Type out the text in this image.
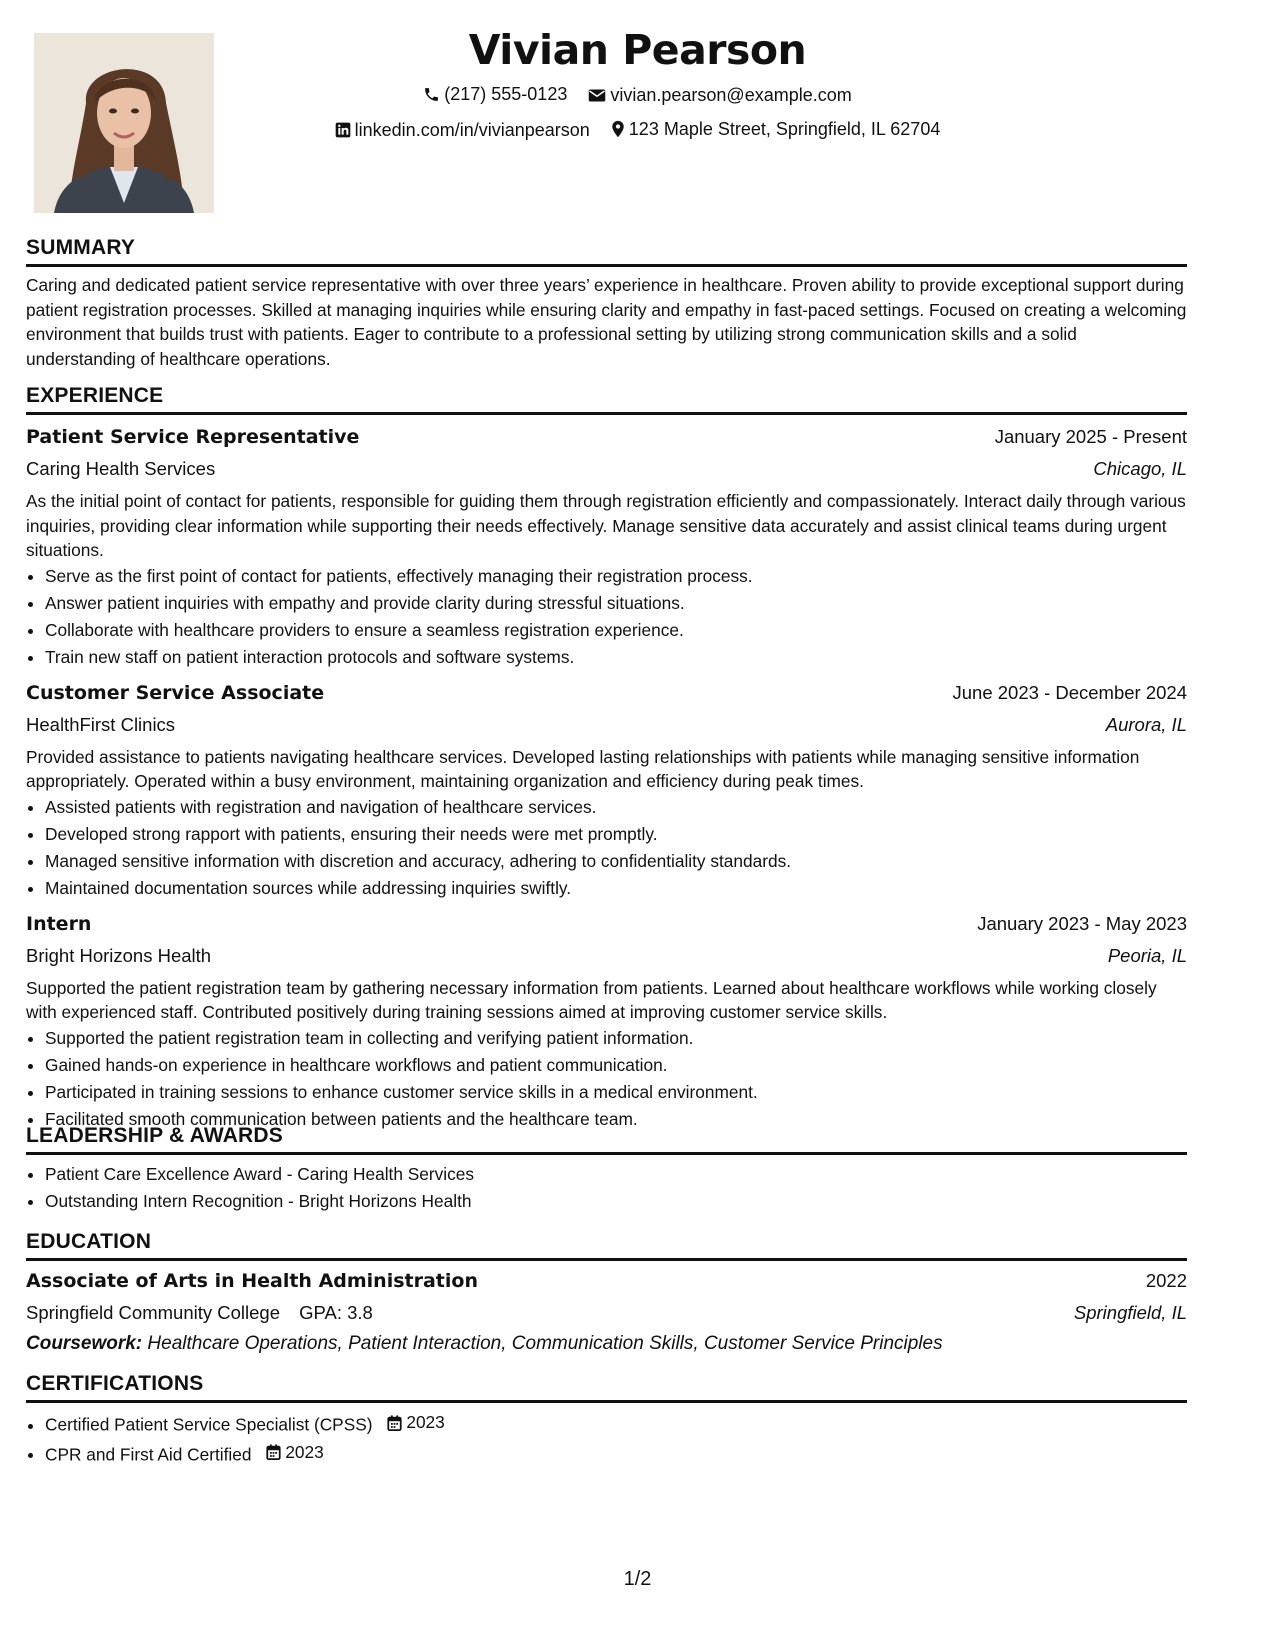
Vivian Pearson
(217) 555-0123
vivian.pearson@example.com
linkedin.com/in/vivianpearson
123 Maple Street, Springfield, IL 62704
SUMMARY

Caring and dedicated patient service representative with over three years’ experience in healthcare. Proven ability to provide exceptional support during patient registration processes. Skilled at managing inquiries while ensuring clarity and empathy in fast-paced settings. Focused on creating a welcoming environment that builds trust with patients. Eager to contribute to a professional setting by utilizing strong communication skills and a solid understanding of healthcare operations.

EXPERIENCE
Patient Service Representative	January 2025 - Present
Caring Health Services	Chicago, IL

As the initial point of contact for patients, responsible for guiding them through registration efficiently and compassionately. Interact daily through various inquiries, providing clear information while supporting their needs effectively. Manage sensitive data accurately and assist clinical teams during urgent situations.

• Serve as the first point of contact for patients, effectively managing their registration process.
• Answer patient inquiries with empathy and provide clarity during stressful situations.
• Collaborate with healthcare providers to ensure a seamless registration experience.
• Train new staff on patient interaction protocols and software systems.
Customer Service Associate	June 2023 - December 2024
HealthFirst Clinics	Aurora, IL

Provided assistance to patients navigating healthcare services. Developed lasting relationships with patients while managing sensitive information appropriately. Operated within a busy environment, maintaining organization and efficiency during peak times.

• Assisted patients with registration and navigation of healthcare services.
• Developed strong rapport with patients, ensuring their needs were met promptly.
• Managed sensitive information with discretion and accuracy, adhering to confidentiality standards.
• Maintained documentation sources while addressing inquiries swiftly.
Intern	January 2023 - May 2023
Bright Horizons Health	Peoria, IL

Supported the patient registration team by gathering necessary information from patients. Learned about healthcare workflows while working closely with experienced staff. Contributed positively during training sessions aimed at improving customer service skills.

• Supported the patient registration team in collecting and verifying patient information.
• Gained hands-on experience in healthcare workflows and patient communication.
• Participated in training sessions to enhance customer service skills in a medical environment.
• Facilitated smooth communication between patients and the healthcare team.
LEADERSHIP & AWARDS
• Patient Care Excellence Award - Caring Health Services
• Outstanding Intern Recognition - Bright Horizons Health
EDUCATION
Associate of Arts in Health Administration	2022
Springfield Community College GPA: 3.8	Springfield, IL
Coursework: Healthcare Operations, Patient Interaction, Communication Skills, Customer Service Principles
CERTIFICATIONS
• Certified Patient Service Specialist (CPSS) 2023
• CPR and First Aid Certified 2023
1/2
